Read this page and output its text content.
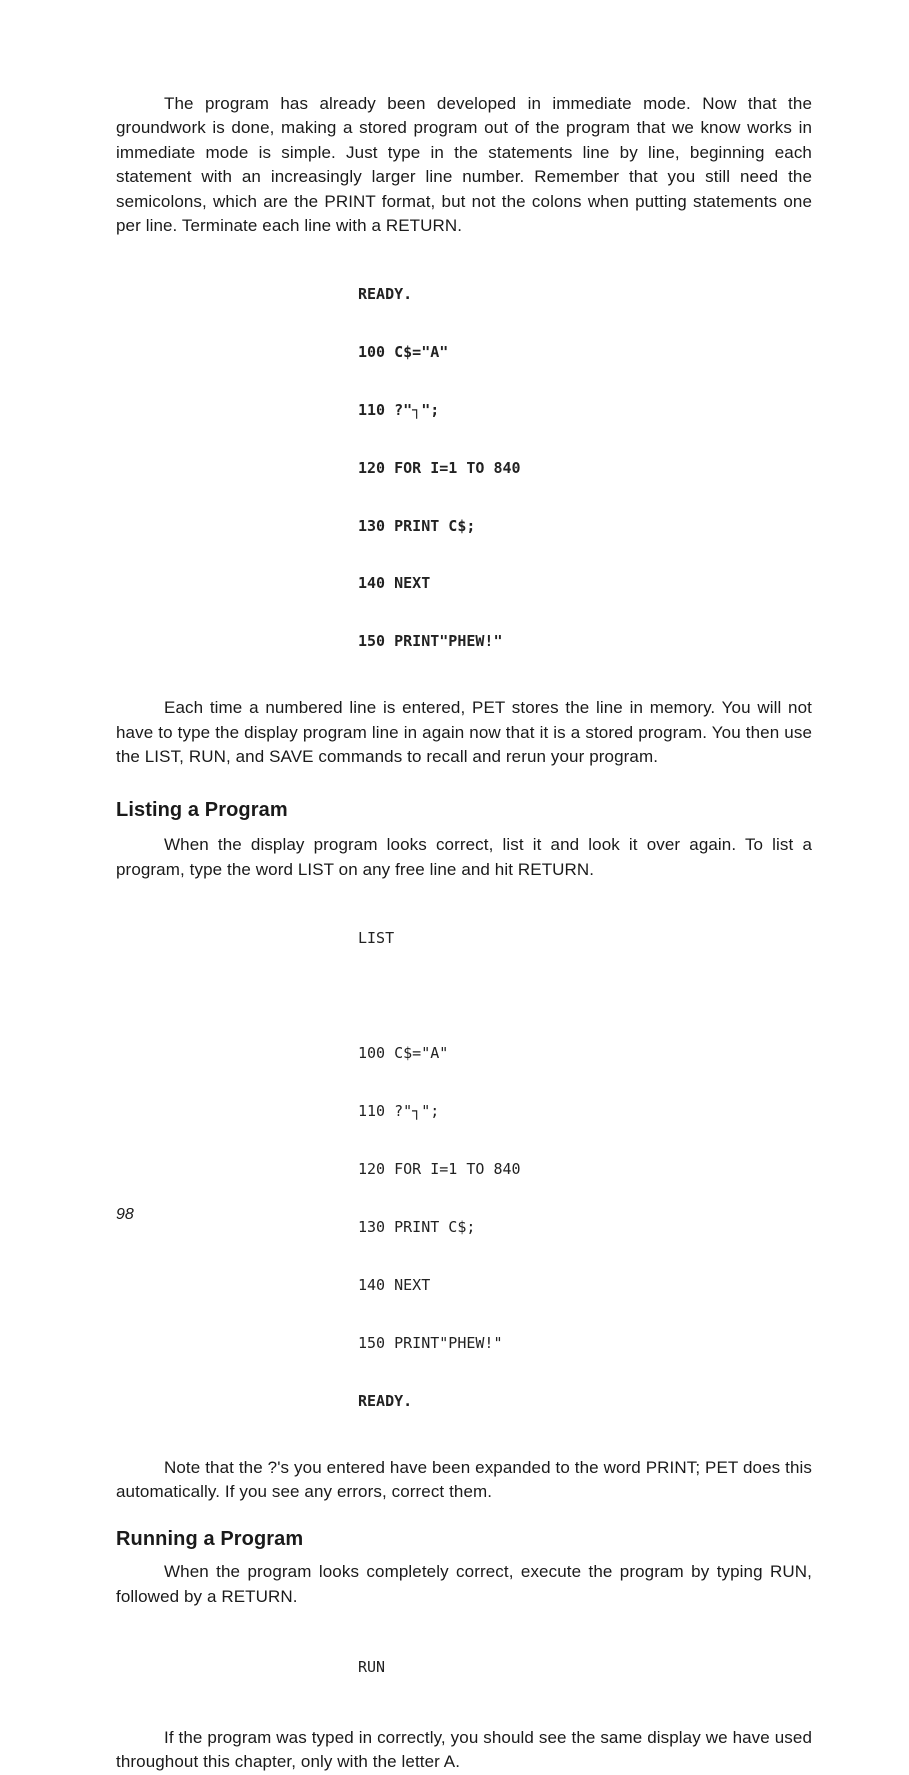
The program has already been developed in immediate mode. Now that the groundwork is done, making a stored program out of the program that we know works in immediate mode is simple. Just type in the statements line by line, beginning each statement with an increasingly larger line number. Remember that you still need the semicolons, which are the PRINT format, but not the colons when putting statements one per line. Terminate each line with a RETURN.

READY.

100 C$="A"

110 ?"┐";

120 FOR I=1 TO 840

130 PRINT C$;

140 NEXT

150 PRINT"PHEW!"

Each time a numbered line is entered, PET stores the line in memory. You will not have to type the display program line in again now that it is a stored program. You then use the LIST, RUN, and SAVE commands to recall and rerun your program.

Listing a Program

When the display program looks correct, list it and look it over again. To list a program, type the word LIST on any free line and hit RETURN.

LIST

100 C$="A"

110 ?"┐";

120 FOR I=1 TO 840

130 PRINT C$;

140 NEXT

150 PRINT"PHEW!"

READY.

Note that the ?'s you entered have been expanded to the word PRINT; PET does this automatically. If you see any errors, correct them.

Running a Program

When the program looks completely correct, execute the program by typing RUN, followed by a RETURN.

RUN

If the program was typed in correctly, you should see the same display we have used throughout this chapter, only with the letter A.

98
